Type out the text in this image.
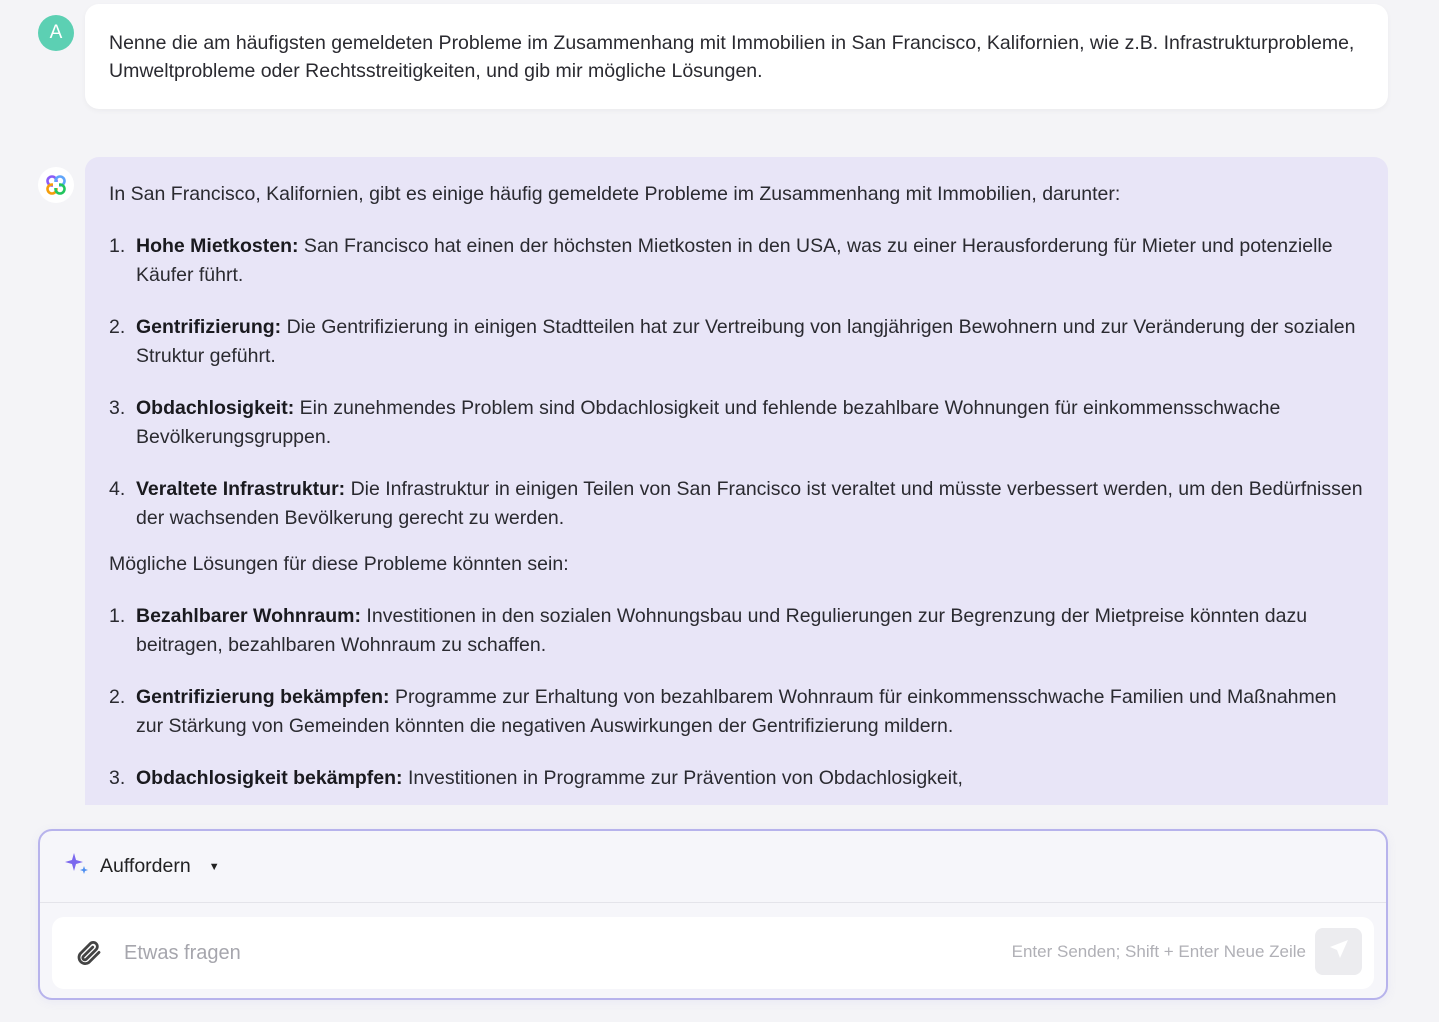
A	Nenne die am häufigsten gemeldeten Probleme im Zusammenhang mit Immobilien in San Francisco, Kalifornien, wie z.B. Infrastrukturprobleme, Umweltprobleme oder Rechtsstreitigkeiten, und gib mir mögliche Lösungen.

In San Francisco, Kalifornien, gibt es einige häufig gemeldete Probleme im Zusammenhang mit Immobilien, darunter:

1. Hohe Mietkosten: San Francisco hat einen der höchsten Mietkosten in den USA, was zu einer Herausforderung für Mieter und potenzielle Käufer führt.
2. Gentrifizierung: Die Gentrifizierung in einigen Stadtteilen hat zur Vertreibung von langjährigen Bewohnern und zur Veränderung der sozialen Struktur geführt.
3. Obdachlosigkeit: Ein zunehmendes Problem sind Obdachlosigkeit und fehlende bezahlbare Wohnungen für einkommensschwache Bevölkerungsgruppen.
4. Veraltete Infrastruktur: Die Infrastruktur in einigen Teilen von San Francisco ist veraltet und müsste verbessert werden, um den Bedürfnissen der wachsenden Bevölkerung gerecht zu werden.

Mögliche Lösungen für diese Probleme könnten sein:

1. Bezahlbarer Wohnraum: Investitionen in den sozialen Wohnungsbau und Regulierungen zur Begrenzung der Mietpreise könnten dazu beitragen, bezahlbaren Wohnraum zu schaffen.
2. Gentrifizierung bekämpfen: Programme zur Erhaltung von bezahlbarem Wohnraum für einkommensschwache Familien und Maßnahmen zur Stärkung von Gemeinden könnten die negativen Auswirkungen der Gentrifizierung mildern.
3. Obdachlosigkeit bekämpfen: Investitionen in Programme zur Prävention von Obdachlosigkeit,
Auffordern ▼
Etwas fragen
Enter Senden; Shift + Enter Neue Zeile
